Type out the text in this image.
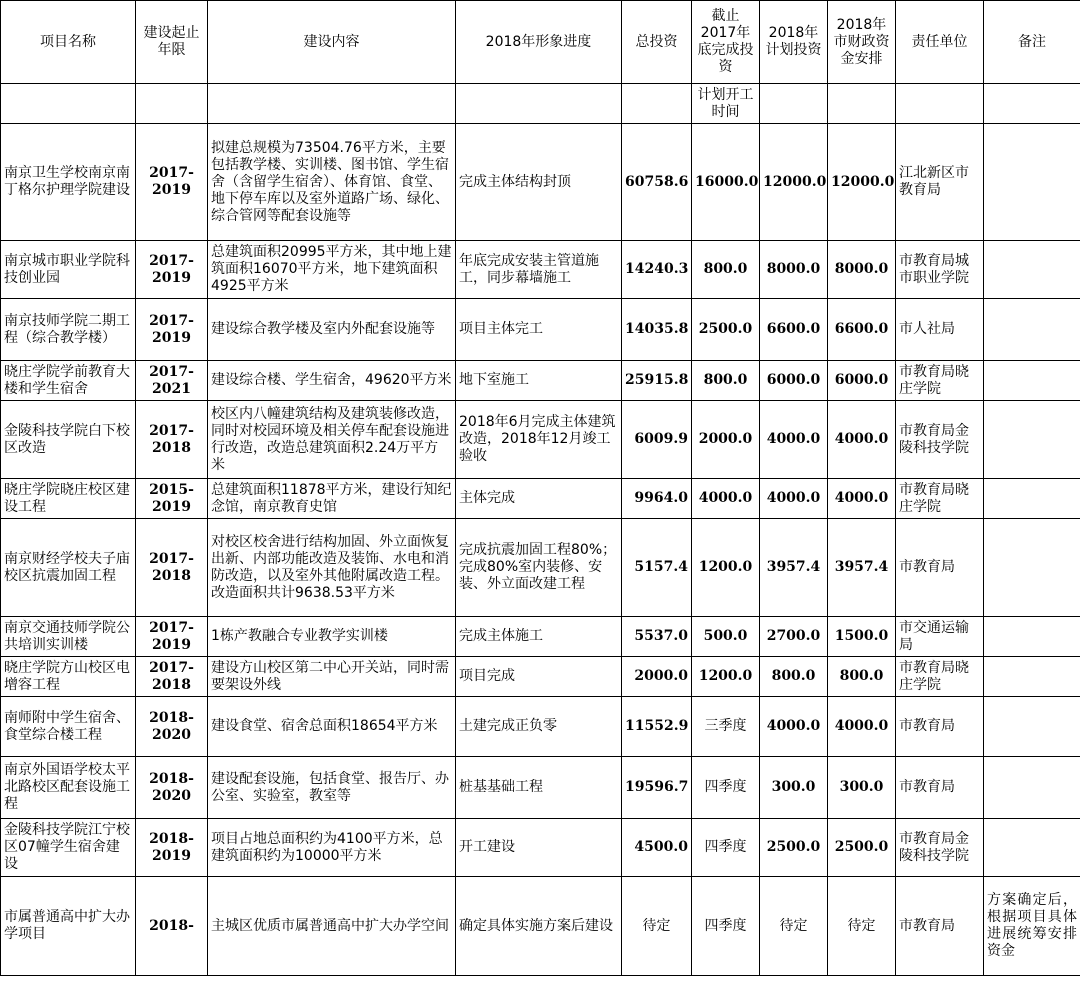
项目名称	建设起止年限	建设内容	2018年形象进度	总投资	截止2017年底完成投资	2018年计划投资	2018年市财政资金安排	责任单位	备注
					计划开工时间				
南京卫生学校南京南丁格尔护理学院建设	2017-2019	拟建总规模为73504.76平方米，主要包括教学楼、实训楼、图书馆、学生宿舍（含留学生宿舍）、体育馆、食堂、地下停车库以及室外道路广场、绿化、综合管网等配套设施等	完成主体结构封顶	60758.6	16000.0	12000.0	12000.0	江北新区市教育局	
南京城市职业学院科技创业园	2017-2019	总建筑面积20995平方米，其中地上建筑面积16070平方米，地下建筑面积4925平方米	年底完成安装主管道施工，同步幕墙施工	14240.3	800.0	8000.0	8000.0	市教育局城市职业学院	
南京技师学院二期工程（综合教学楼）	2017-2019	建设综合教学楼及室内外配套设施等	项目主体完工	14035.8	2500.0	6600.0	6600.0	市人社局	
晓庄学院学前教育大楼和学生宿舍	2017-2021	建设综合楼、学生宿舍，49620平方米	地下室施工	25915.8	800.0	6000.0	6000.0	市教育局晓庄学院	
金陵科技学院白下校区改造	2017-2018	校区内八幢建筑结构及建筑装修改造，同时对校园环境及相关停车配套设施进行改造，改造总建筑面积2.24万平方米	2018年6月完成主体建筑改造，2018年12月竣工验收	6009.9	2000.0	4000.0	4000.0	市教育局金陵科技学院	
晓庄学院晓庄校区建设工程	2015-2019	总建筑面积11878平方米，建设行知纪念馆，南京教育史馆	主体完成	9964.0	4000.0	4000.0	4000.0	市教育局晓庄学院	
南京财经学校夫子庙校区抗震加固工程	2017-2018	对校区校舍进行结构加固、外立面恢复出新、内部功能改造及装饰、水电和消防改造，以及室外其他附属改造工程。改造面积共计9638.53平方米	完成抗震加固工程80%；完成80%室内装修、安装、外立面改建工程	5157.4	1200.0	3957.4	3957.4	市教育局	
南京交通技师学院公共培训实训楼	2017-2019	1栋产教融合专业教学实训楼	完成主体施工	5537.0	500.0	2700.0	1500.0	市交通运输局	
晓庄学院方山校区电增容工程	2017-2018	建设方山校区第二中心开关站，同时需要架设外线	项目完成	2000.0	1200.0	800.0	800.0	市教育局晓庄学院	
南师附中学生宿舍、食堂综合楼工程	2018-2020	建设食堂、宿舍总面积18654平方米	土建完成正负零	11552.9	三季度	4000.0	4000.0	市教育局	
南京外国语学校太平北路校区配套设施工程	2018-2020	建设配套设施，包括食堂、报告厅、办公室、实验室，教室等	桩基基础工程	19596.7	四季度	300.0	300.0	市教育局	
金陵科技学院江宁校区07幢学生宿舍建设	2018-2019	项目占地总面积约为4100平方米，总建筑面积约为10000平方米	开工建设	4500.0	四季度	2500.0	2500.0	市教育局金陵科技学院	
市属普通高中扩大办学项目	2018-	主城区优质市属普通高中扩大办学空间	确定具体实施方案后建设	待定	四季度	待定	待定	市教育局	方案确定后，根据项目具体进展统筹安排资金
